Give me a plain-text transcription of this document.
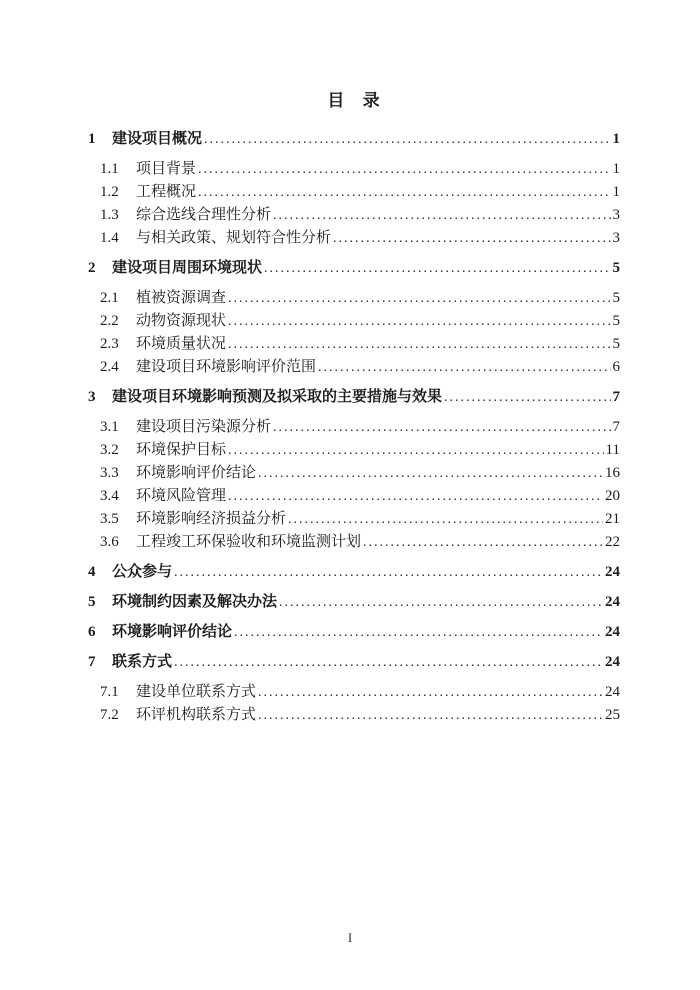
目 录
1	建设项目概况 .....	1
1.1	项目背景 .....	1
1.2	工程概况 .....	1
1.3	综合选线合理性分析 .....	3
1.4	与相关政策、规划符合性分析 .....	3
2	建设项目周围环境现状 .....	5
2.1	植被资源调查 .....	5
2.2	动物资源现状 .....	5
2.3	环境质量状况 .....	5
2.4	建设项目环境影响评价范围 .....	6
3	建设项目环境影响预测及拟采取的主要措施与效果 .....	7
3.1	建设项目污染源分析 .....	7
3.2	环境保护目标 .....	11
3.3	环境影响评价结论 .....	16
3.4	环境风险管理 .....	20
3.5	环境影响经济损益分析 .....	21
3.6	工程竣工环保验收和环境监测计划 .....	22
4	公众参与 .....	24
5	环境制约因素及解决办法 .....	24
6	环境影响评价结论 .....	24
7	联系方式 .....	24
7.1	建设单位联系方式 .....	24
7.2	环评机构联系方式 .....	25
I
